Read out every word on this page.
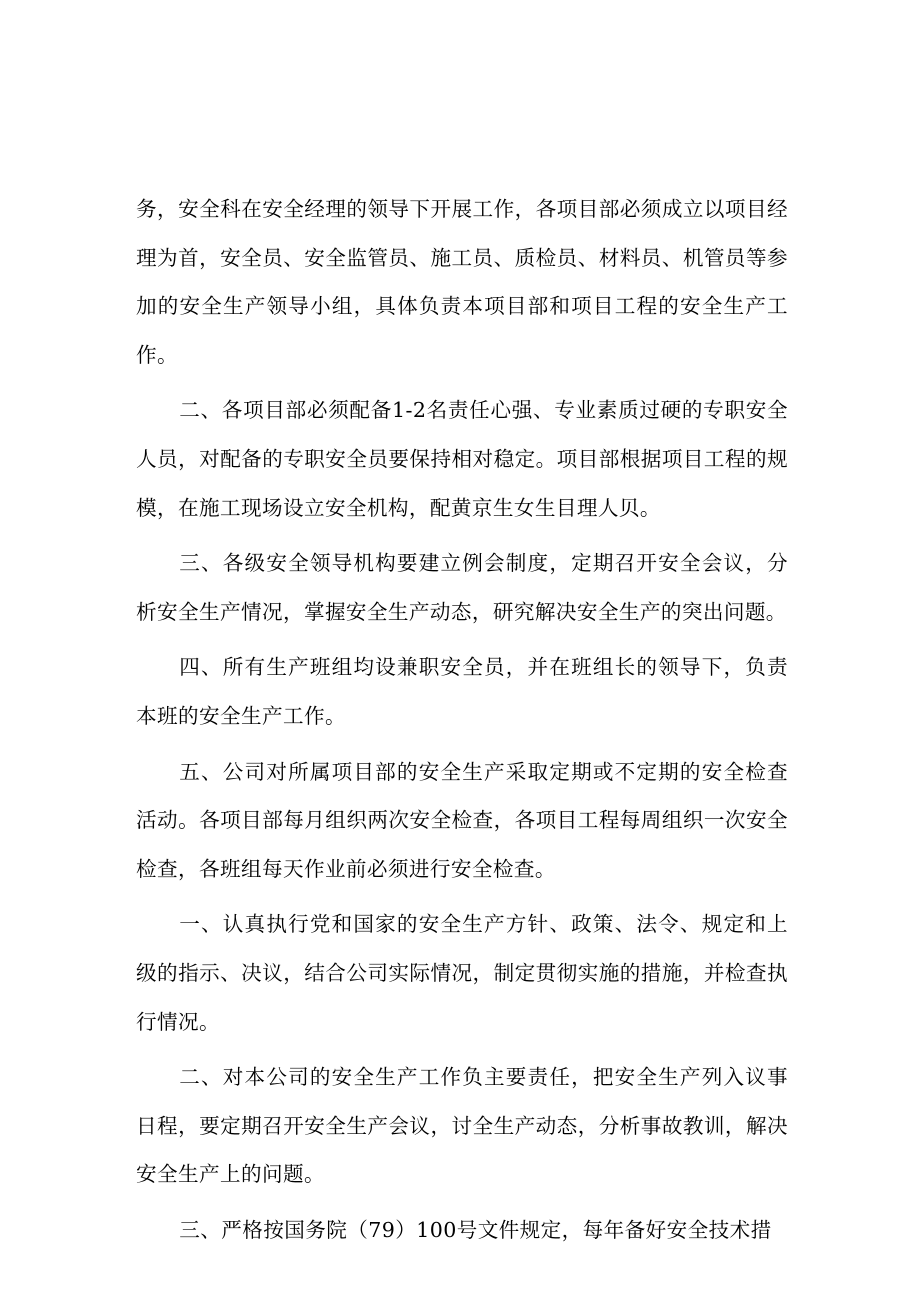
务，安全科在安全经理的领导下开展工作，各项目部必须成立以项目经理为首，安全员、安全监管员、施工员、质检员、材料员、机管员等参加的安全生产领导小组，具体负责本项目部和项目工程的安全生产工作。

二、各项目部必须配备1-2名责任心强、专业素质过硬的专职安全人员，对配备的专职安全员要保持相对稳定。项目部根据项目工程的规模，在施工现场设立安全机构，配黄京生女生目理人贝。

三、各级安全领导机构要建立例会制度，定期召开安全会议，分析安全生产情况，掌握安全生产动态，研究解决安全生产的突出问题。

四、所有生产班组均设兼职安全员，并在班组长的领导下，负责本班的安全生产工作。

五、公司对所属项目部的安全生产采取定期或不定期的安全检查活动。各项目部每月组织两次安全检查，各项目工程每周组织一次安全检查，各班组每天作业前必须进行安全检查。

一、认真执行党和国家的安全生产方针、政策、法令、规定和上级的指示、决议，结合公司实际情况，制定贯彻实施的措施，并检查执行情况。

二、对本公司的安全生产工作负主要责任，把安全生产列入议事日程，要定期召开安全生产会议，讨全生产动态，分析事故教训，解决安全生产上的问题。

三、严格按国务院（79）100号文件规定，每年备好安全技术措
